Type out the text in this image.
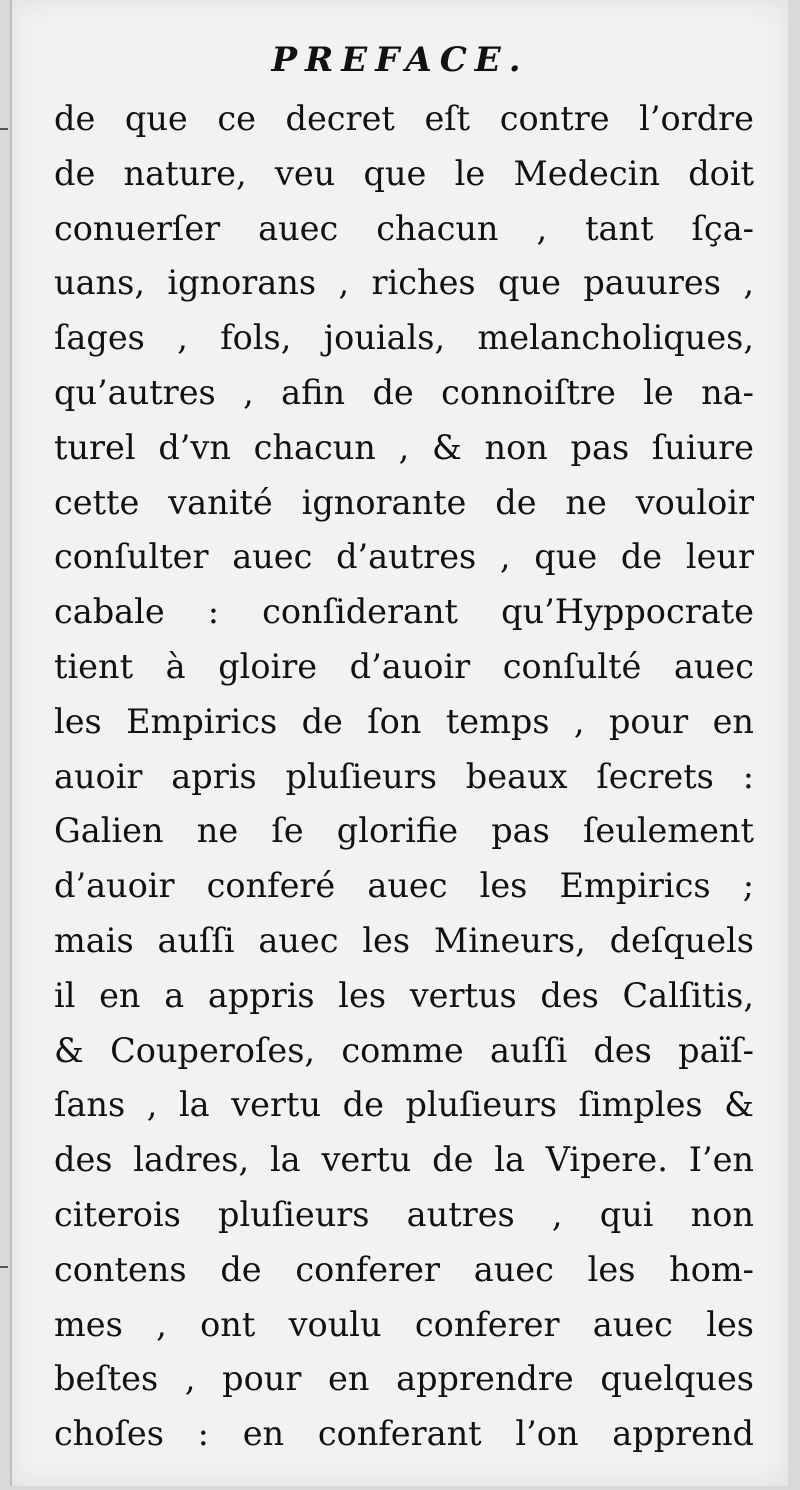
PREFACE.
de que ce decret eſt contre l’ordre
de nature, veu que le Medecin doit
conuerſer auec chacun , tant ſça-
uans, ignorans , riches que pauures ,
ſages , fols, jouials, melancholiques,
qu’autres , afin de connoiſtre le na-
turel d’vn chacun , & non pas ſuiure
cette vanité ignorante de ne vouloir
conſulter auec d’autres , que de leur
cabale : conſiderant qu’Hyppocrate
tient à gloire d’auoir conſulté auec
les Empirics de ſon temps , pour en
auoir apris pluſieurs beaux ſecrets :
Galien ne ſe glorifie pas ſeulement
d’auoir conferé auec les Empirics ;
mais auſſi auec les Mineurs, deſquels
il en a appris les vertus des Calſitis,
& Couperoſes, comme auſſi des païſ-
ſans , la vertu de pluſieurs ſimples &
des ladres, la vertu de la Vipere. I’en
citerois pluſieurs autres , qui non
contens de conferer auec les hom-
mes , ont voulu conferer auec les
beſtes , pour en apprendre quelques
choſes : en conferant l’on apprend
